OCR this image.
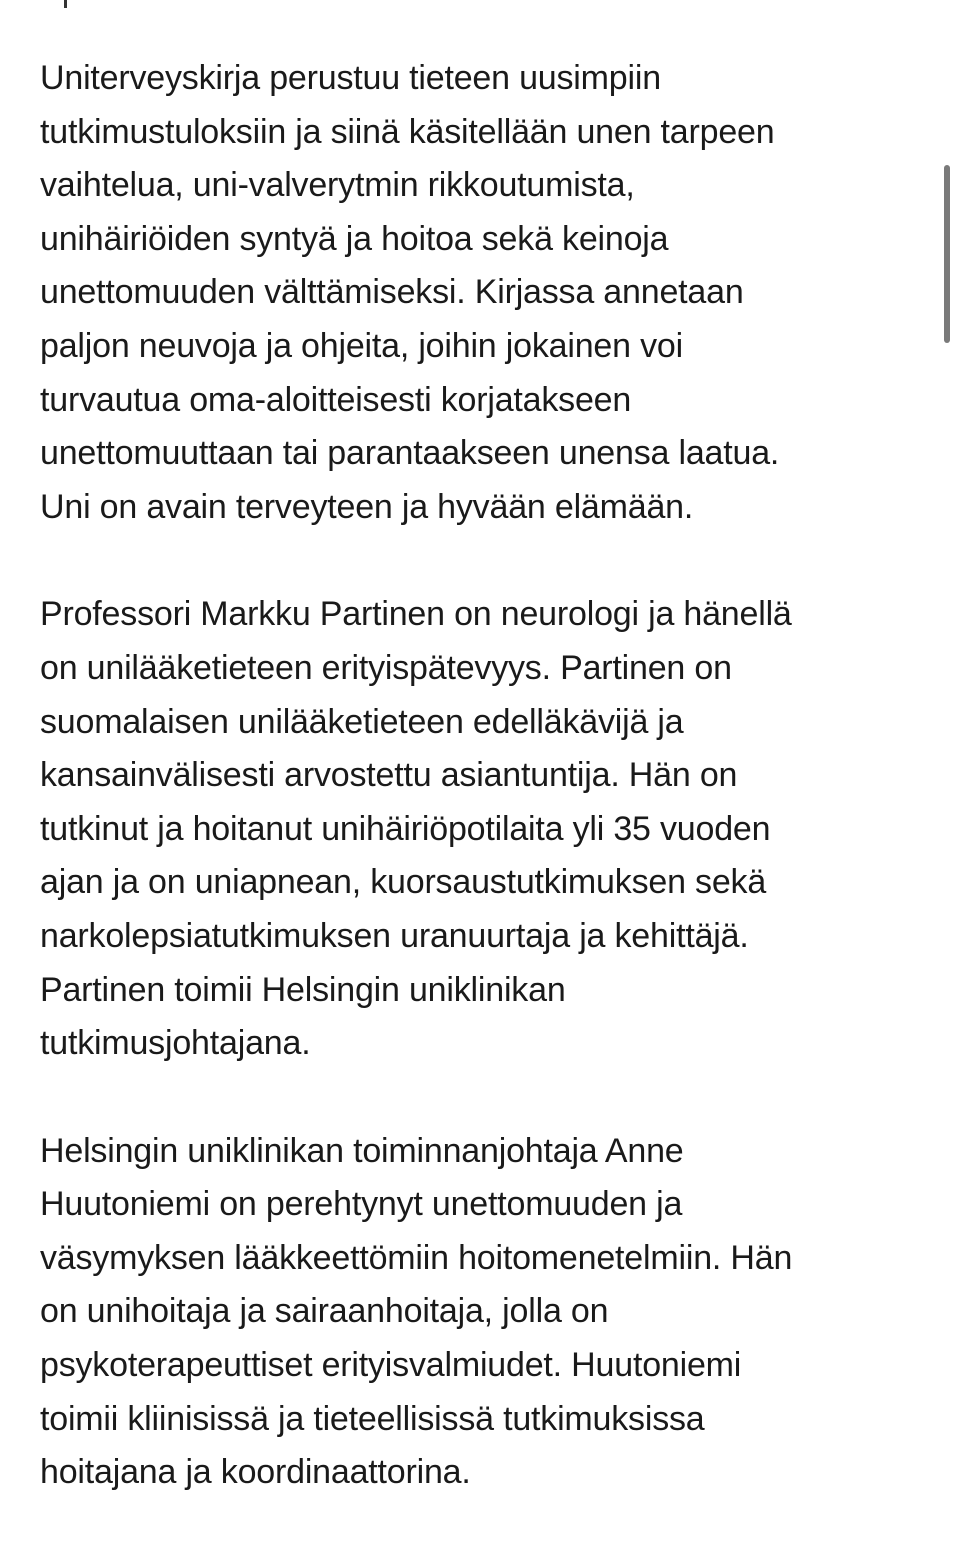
Uniterveyskirja perustuu tieteen uusimpiin
tutkimustuloksiin ja siinä käsitellään unen tarpeen
vaihtelua, uni-valverytmin rikkoutumista,
unihäiriöiden syntyä ja hoitoa sekä keinoja
unettomuuden välttämiseksi. Kirjassa annetaan
paljon neuvoja ja ohjeita, joihin jokainen voi
turvautua oma-aloitteisesti korjatakseen
unettomuuttaan tai parantaakseen unensa laatua.
Uni on avain terveyteen ja hyvään elämään.

Professori Markku Partinen on neurologi ja hänellä
on unilääketieteen erityispätevyys. Partinen on
suomalaisen unilääketieteen edelläkävijä ja
kansainvälisesti arvostettu asiantuntija. Hän on
tutkinut ja hoitanut unihäiriöpotilaita yli 35 vuoden
ajan ja on uniapnean, kuorsaustutkimuksen sekä
narkolepsiatutkimuksen uranuurtaja ja kehittäjä.
Partinen toimii Helsingin uniklinikan
tutkimusjohtajana.

Helsingin uniklinikan toiminnanjohtaja Anne
Huutoniemi on perehtynyt unettomuuden ja
väsymyksen lääkkeettömiin hoitomenetelmiin. Hän
on unihoitaja ja sairaanhoitaja, jolla on
psykoterapeuttiset erityisvalmiudet. Huutoniemi
toimii kliinisissä ja tieteellisissä tutkimuksissa
hoitajana ja koordinaattorina.
